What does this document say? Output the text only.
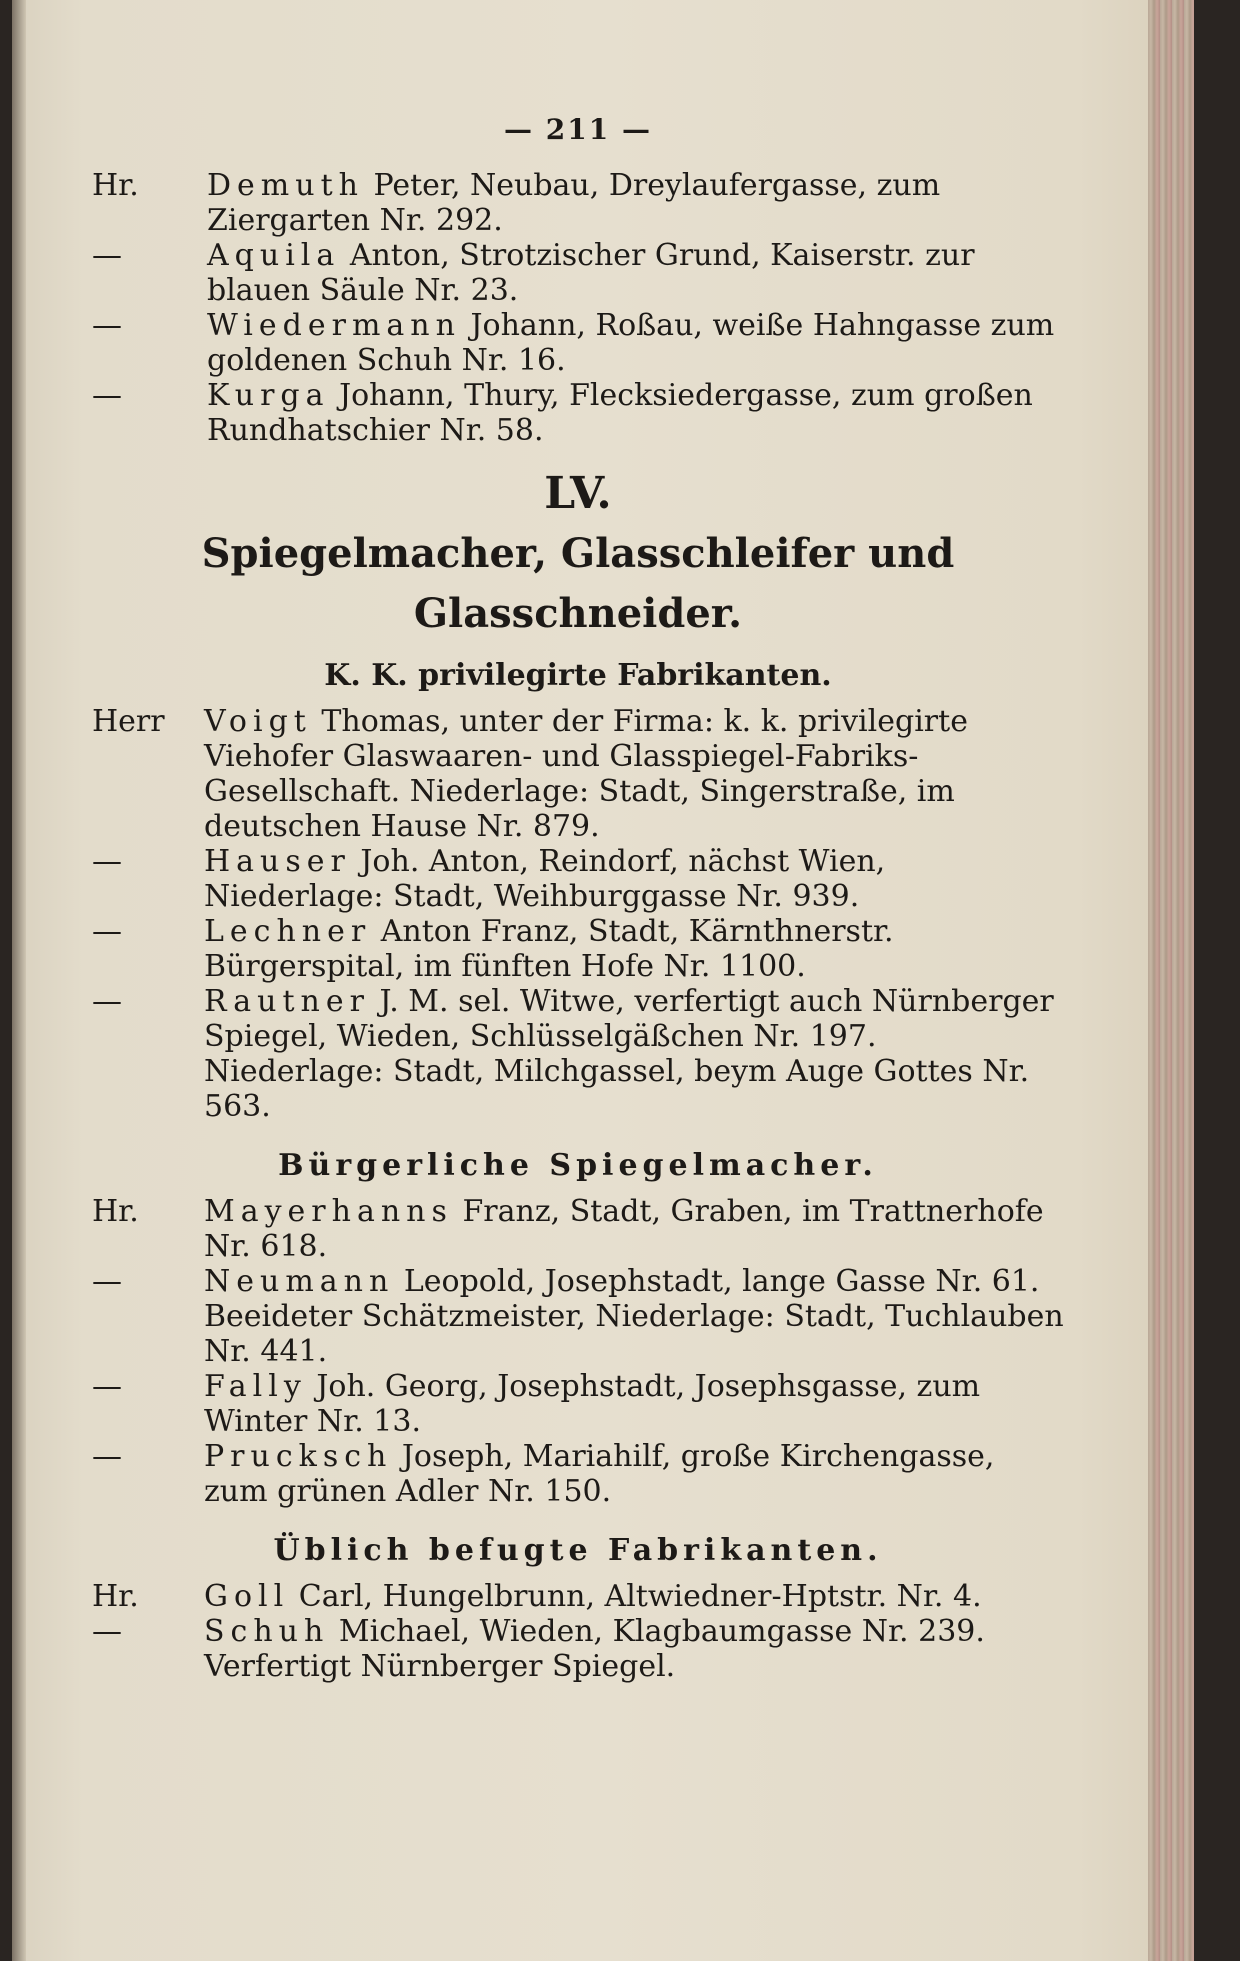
— 211 —

Hr. Demuth Peter, Neubau, Dreylaufergasse, zum Ziergarten Nr. 292.

—	Aquila Anton, Strotzischer Grund, Kaiserstr. zur blauen Säule Nr. 23.

—	Wiedermann Johann, Roßau, weiße Hahngasse zum goldenen Schuh Nr. 16.

—	Kurga Johann, Thury, Flecksiedergasse, zum großen Rundhatschier Nr. 58.

LV.
Spiegelmacher, Glasschleifer und Glasschneider.
K. K. privilegirte Fabrikanten.

Herr Voigt Thomas, unter der Firma: k. k. privilegirte Viehofer Glaswaaren- und Glasspiegel-Fabriks-Gesellschaft. Niederlage: Stadt, Singerstraße, im deutschen Hause Nr. 879.

—	Hauser Joh. Anton, Reindorf, nächst Wien, Niederlage: Stadt, Weihburggasse Nr. 939.

—	Lechner Anton Franz, Stadt, Kärnthnerstr. Bürgerspital, im fünften Hofe Nr. 1100.

—	Rautner J. M. sel. Witwe, verfertigt auch Nürnberger Spiegel, Wieden, Schlüsselgäßchen Nr. 197. Niederlage: Stadt, Milchgassel, beym Auge Gottes Nr. 563.

Bürgerliche Spiegelmacher.

Hr. Mayerhanns Franz, Stadt, Graben, im Trattnerhofe Nr. 618.

—	Neumann Leopold, Josephstadt, lange Gasse Nr. 61. Beeideter Schätzmeister, Niederlage: Stadt, Tuchlauben Nr. 441.

—	Fally Joh. Georg, Josephstadt, Josephsgasse, zum Winter Nr. 13.

—	Prucksch Joseph, Mariahilf, große Kirchengasse, zum grünen Adler Nr. 150.

Üblich befugte Fabrikanten.

Hr. Goll Carl, Hungelbrunn, Altwiedner-Hptstr. Nr. 4.

—	Schuh Michael, Wieden, Klagbaumgasse Nr. 239. Verfertigt Nürnberger Spiegel.
